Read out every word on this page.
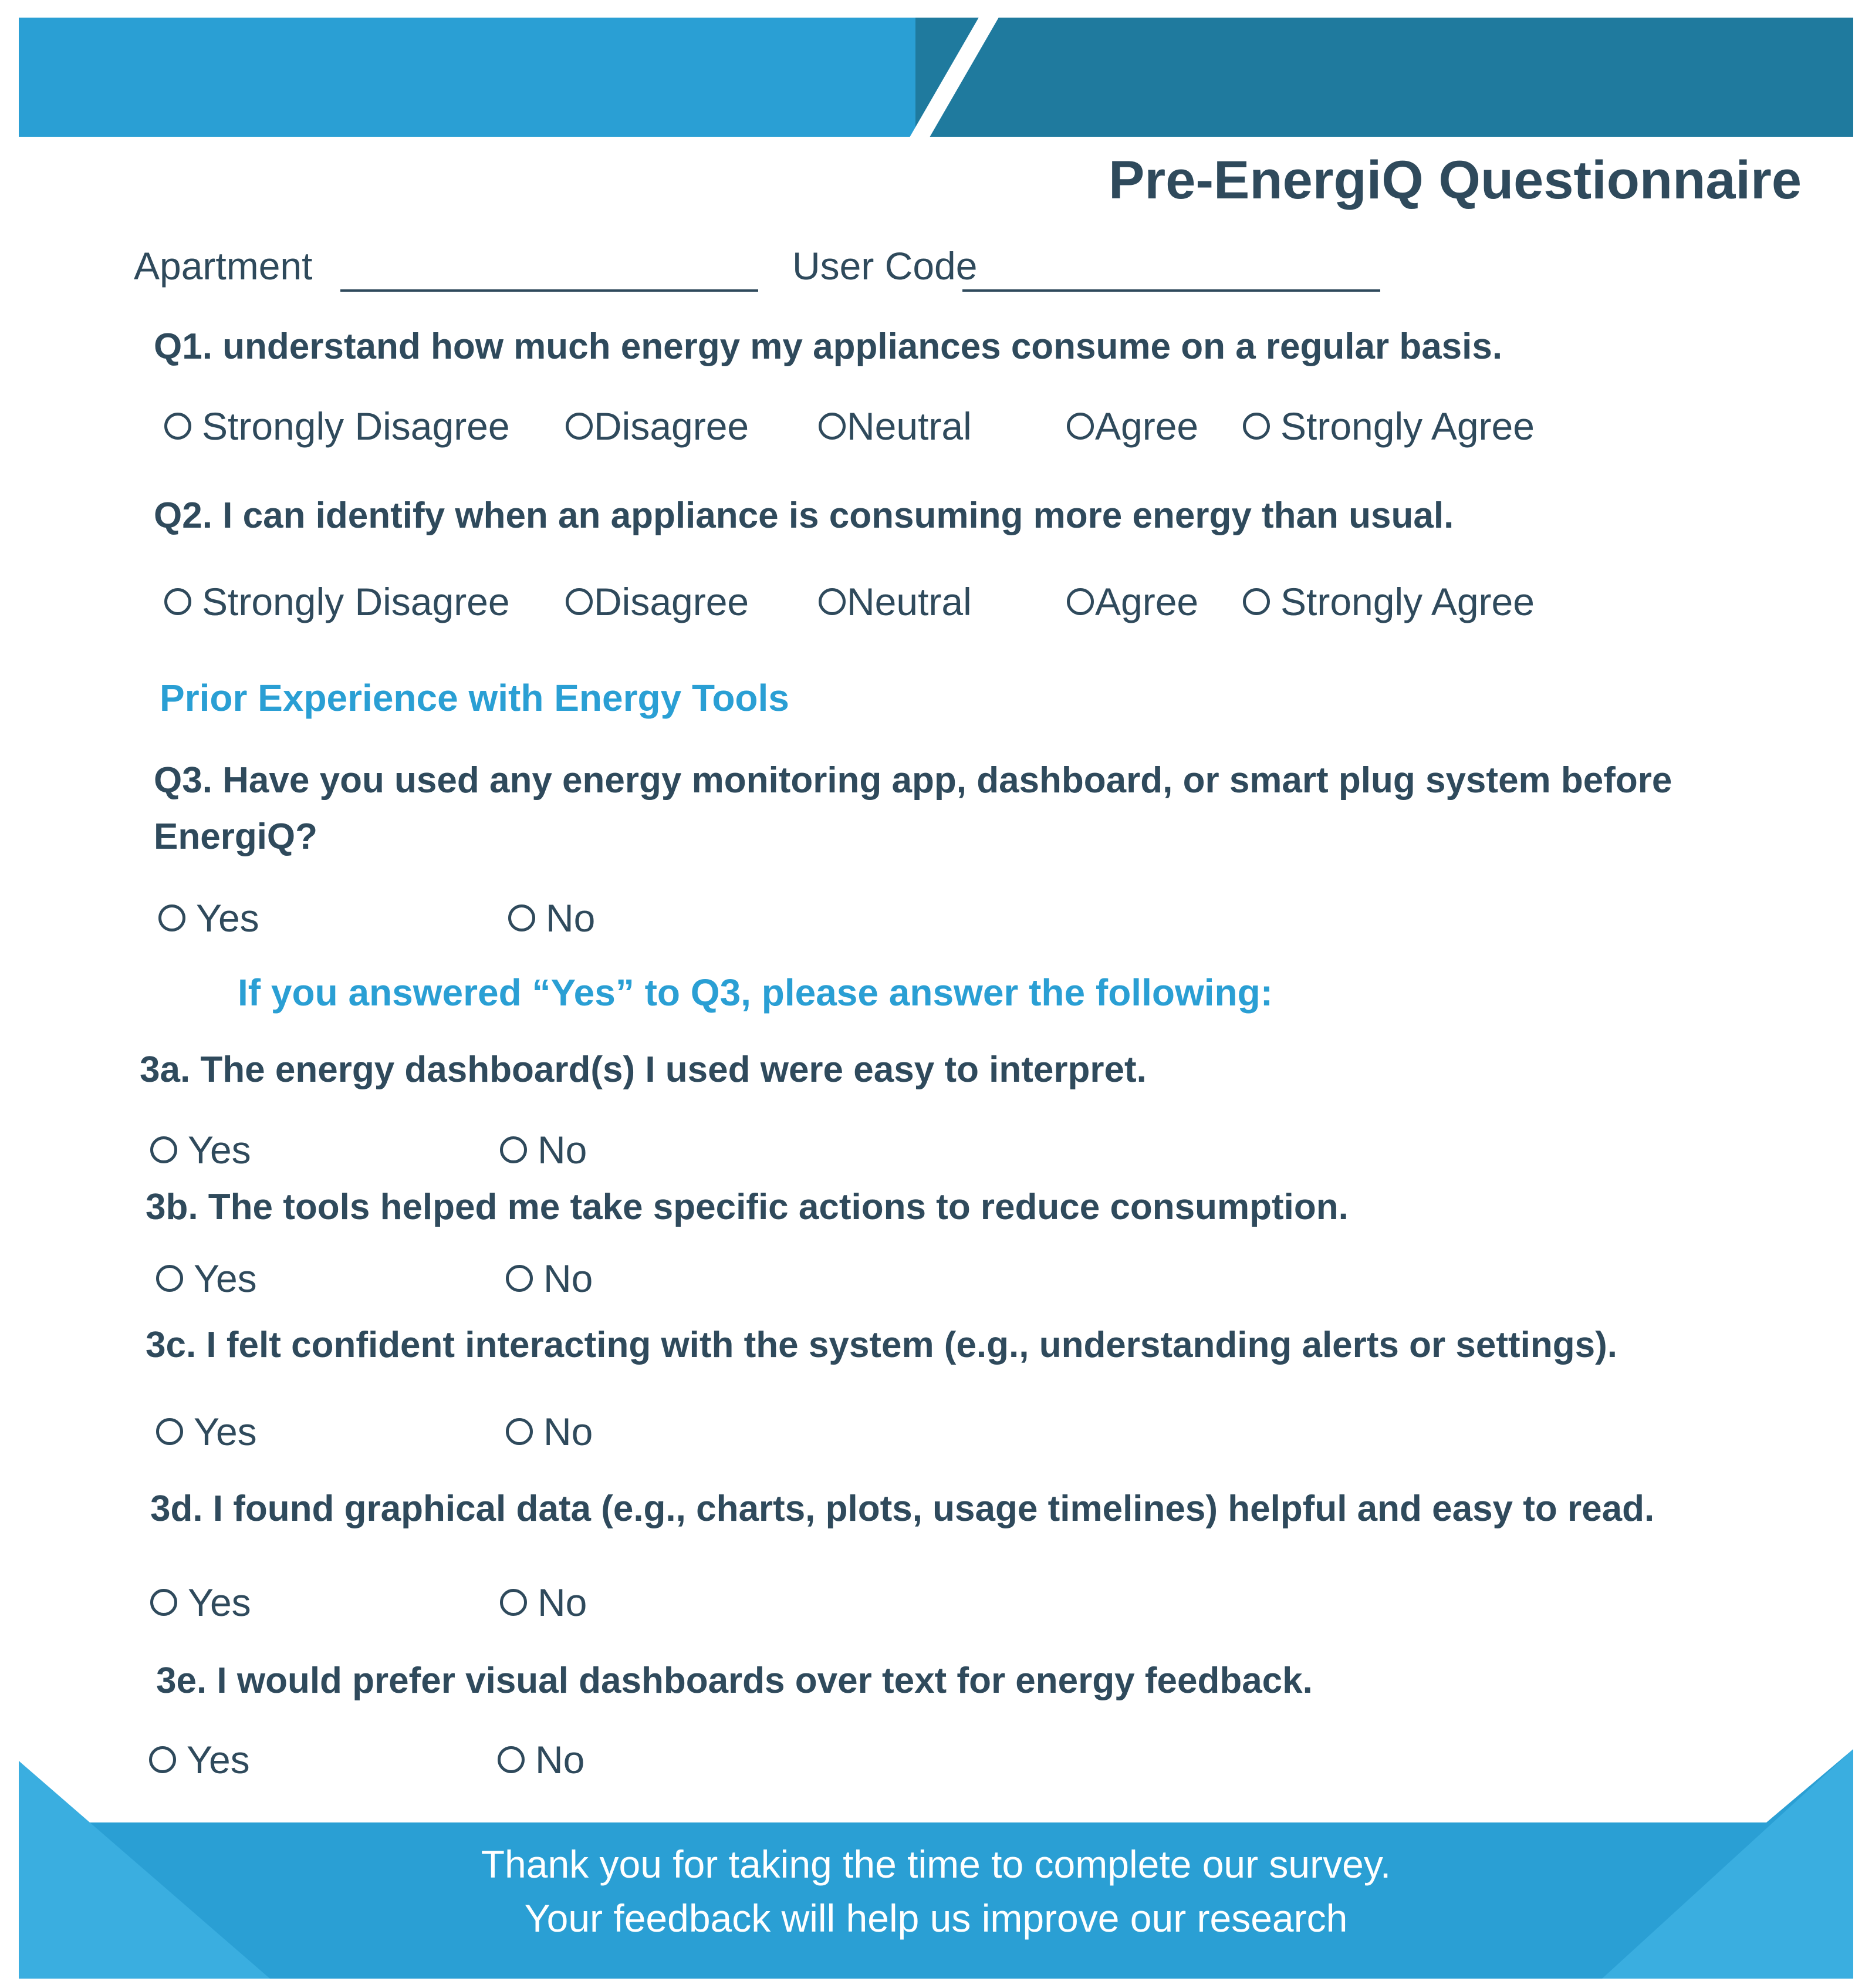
Pre-EnergiQ Questionnaire
Apartment	User Code
Q1. understand how much energy my appliances consume on a regular basis.
Strongly Disagree Disagree	Neutral	Agree Strongly Agree
Q2. I can identify when an appliance is consuming more energy than usual.
Strongly Disagree Disagree	Neutral	Agree Strongly Agree
Prior Experience with Energy Tools
Q3. Have you used any energy monitoring app, dashboard, or smart plug system before EnergiQ?
Yes	No
If you answered “Yes” to Q3, please answer the following:
3a. The energy dashboard(s) I used were easy to interpret.
Yes	No
3b. The tools helped me take specific actions to reduce consumption.
Yes	No
3c. I felt confident interacting with the system (e.g., understanding alerts or settings).
Yes	No
3d. I found graphical data (e.g., charts, plots, usage timelines) helpful and easy to read.
Yes	No
3e. I would prefer visual dashboards over text for energy feedback.
Yes	No
Thank you for taking the time to complete our survey.
Your feedback will help us improve our research
